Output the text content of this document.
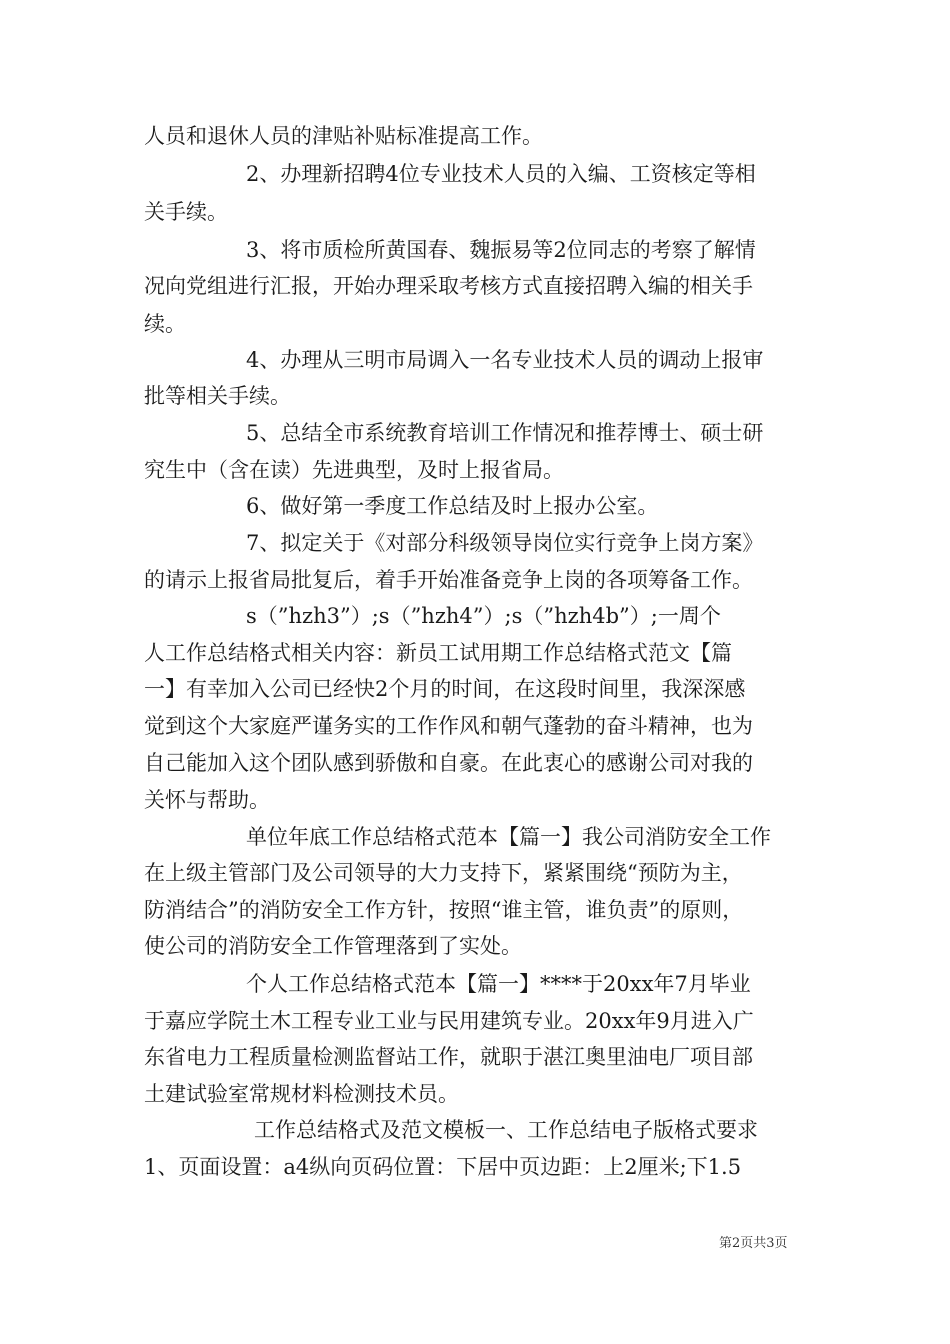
人员和退休人员的津贴补贴标准提高工作。
2、办理新招聘4位专业技术人员的入编、工资核定等相
关手续。
3、将市质检所黄国春、魏振易等2位同志的考察了解情
况向党组进行汇报，开始办理采取考核方式直接招聘入编的相关手
续。
4、办理从三明市局调入一名专业技术人员的调动上报审
批等相关手续。
5、总结全市系统教育培训工作情况和推荐博士、硕士研
究生中（含在读）先进典型，及时上报省局。
6、做好第一季度工作总结及时上报办公室。
7、拟定关于《对部分科级领导岗位实行竞争上岗方案》
的请示上报省局批复后，着手开始准备竞争上岗的各项筹备工作。
s（”hzh3”）;s（”hzh4”）;s（”hzh4b”）;一周个
人工作总结格式相关内容：新员工试用期工作总结格式范文【篇
一】有幸加入公司已经快2个月的时间，在这段时间里，我深深感
觉到这个大家庭严谨务实的工作作风和朝气蓬勃的奋斗精神，也为
自己能加入这个团队感到骄傲和自豪。在此衷心的感谢公司对我的
关怀与帮助。
单位年底工作总结格式范本【篇一】我公司消防安全工作
在上级主管部门及公司领导的大力支持下，紧紧围绕“预防为主，
防消结合”的消防安全工作方针，按照“谁主管，谁负责”的原则，
使公司的消防安全工作管理落到了实处。
个人工作总结格式范本【篇一】****于20xx年7月毕业
于嘉应学院土木工程专业工业与民用建筑专业。20xx年9月进入广
东省电力工程质量检测监督站工作，就职于湛江奥里油电厂项目部
土建试验室常规材料检测技术员。
工作总结格式及范文模板一、工作总结电子版格式要求
1、页面设置：a4纵向页码位置：下居中页边距：上2厘米;下1.5
第2页共3页
